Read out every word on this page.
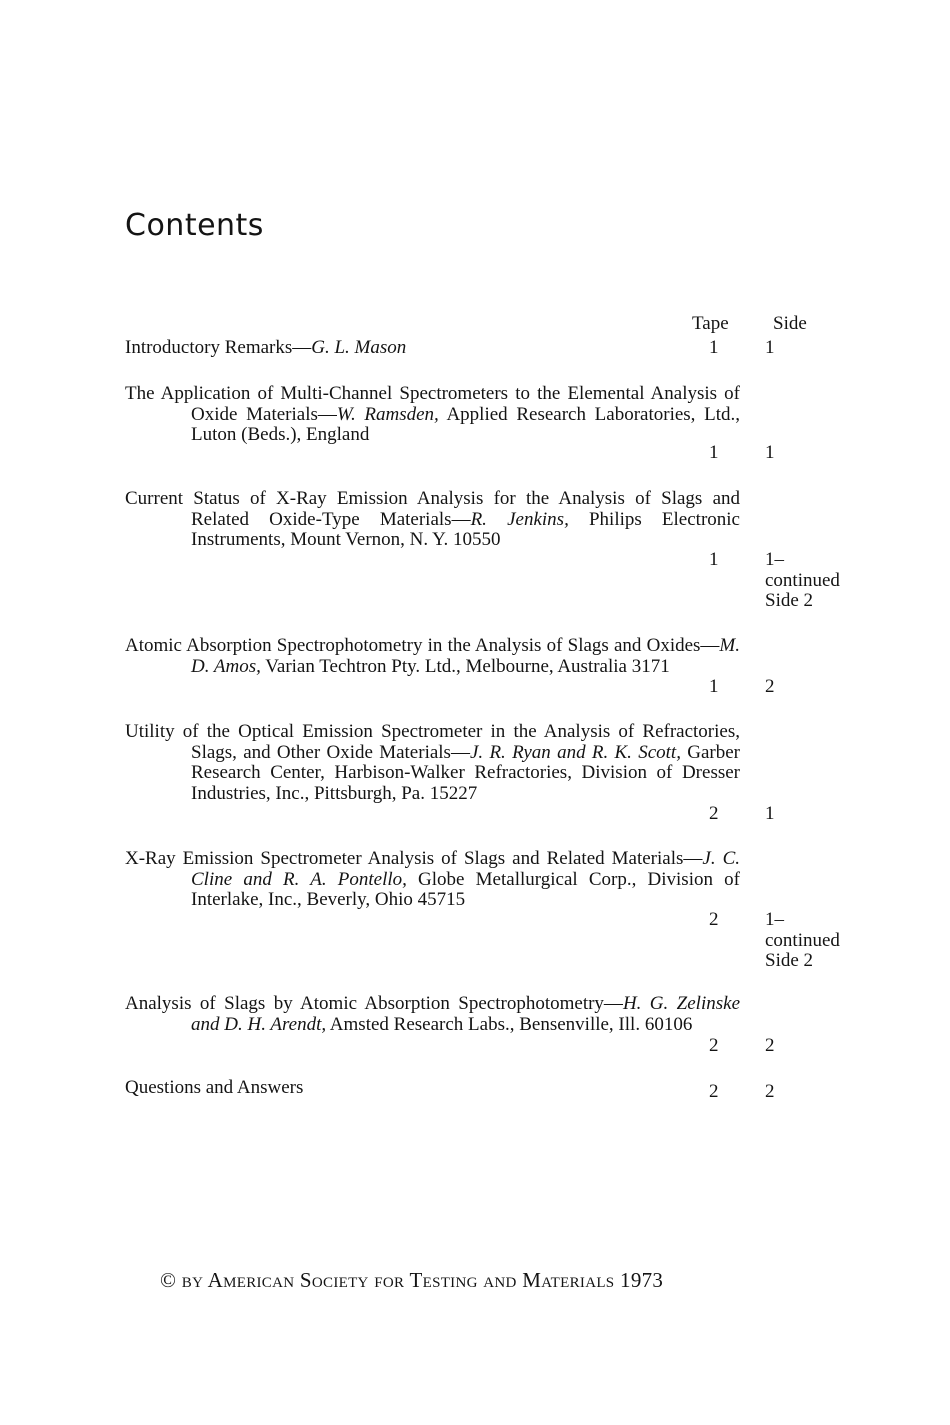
Contents
Tape Side
Introductory Remarks—G. L. Mason	1 1
The Application of Multi-Channel Spectrometers to the Elemental Analysis of Oxide Materials—W. Ramsden, Applied Research Laboratories, Ltd., Luton (Beds.), England
1 1
Current Status of X-Ray Emission Analysis for the Analysis of Slags and Related Oxide-Type Materials—R. Jenkins, Philips Electronic Instruments, Mount Vernon, N. Y. 10550
1 1–continued Side 2
Atomic Absorption Spectrophotometry in the Analysis of Slags and Oxides—M. D. Amos, Varian Techtron Pty. Ltd., Melbourne, Australia 3171
1 2
Utility of the Optical Emission Spectrometer in the Analysis of Refractories, Slags, and Other Oxide Materials—J. R. Ryan and R. K. Scott, Garber Research Center, Harbison-Walker Refractories, Division of Dresser Industries, Inc., Pittsburgh, Pa. 15227
2 1
X-Ray Emission Spectrometer Analysis of Slags and Related Materials—J. C. Cline and R. A. Pontello, Globe Metallurgical Corp., Division of Interlake, Inc., Beverly, Ohio 45715
2 1–continued Side 2
Analysis of Slags by Atomic Absorption Spectrophotometry—H. G. Zelinske and D. H. Arendt, Amsted Research Labs., Bensenville, Ill. 60106
2 2
Questions and Answers	2 2
© by American Society for Testing and Materials 1973
